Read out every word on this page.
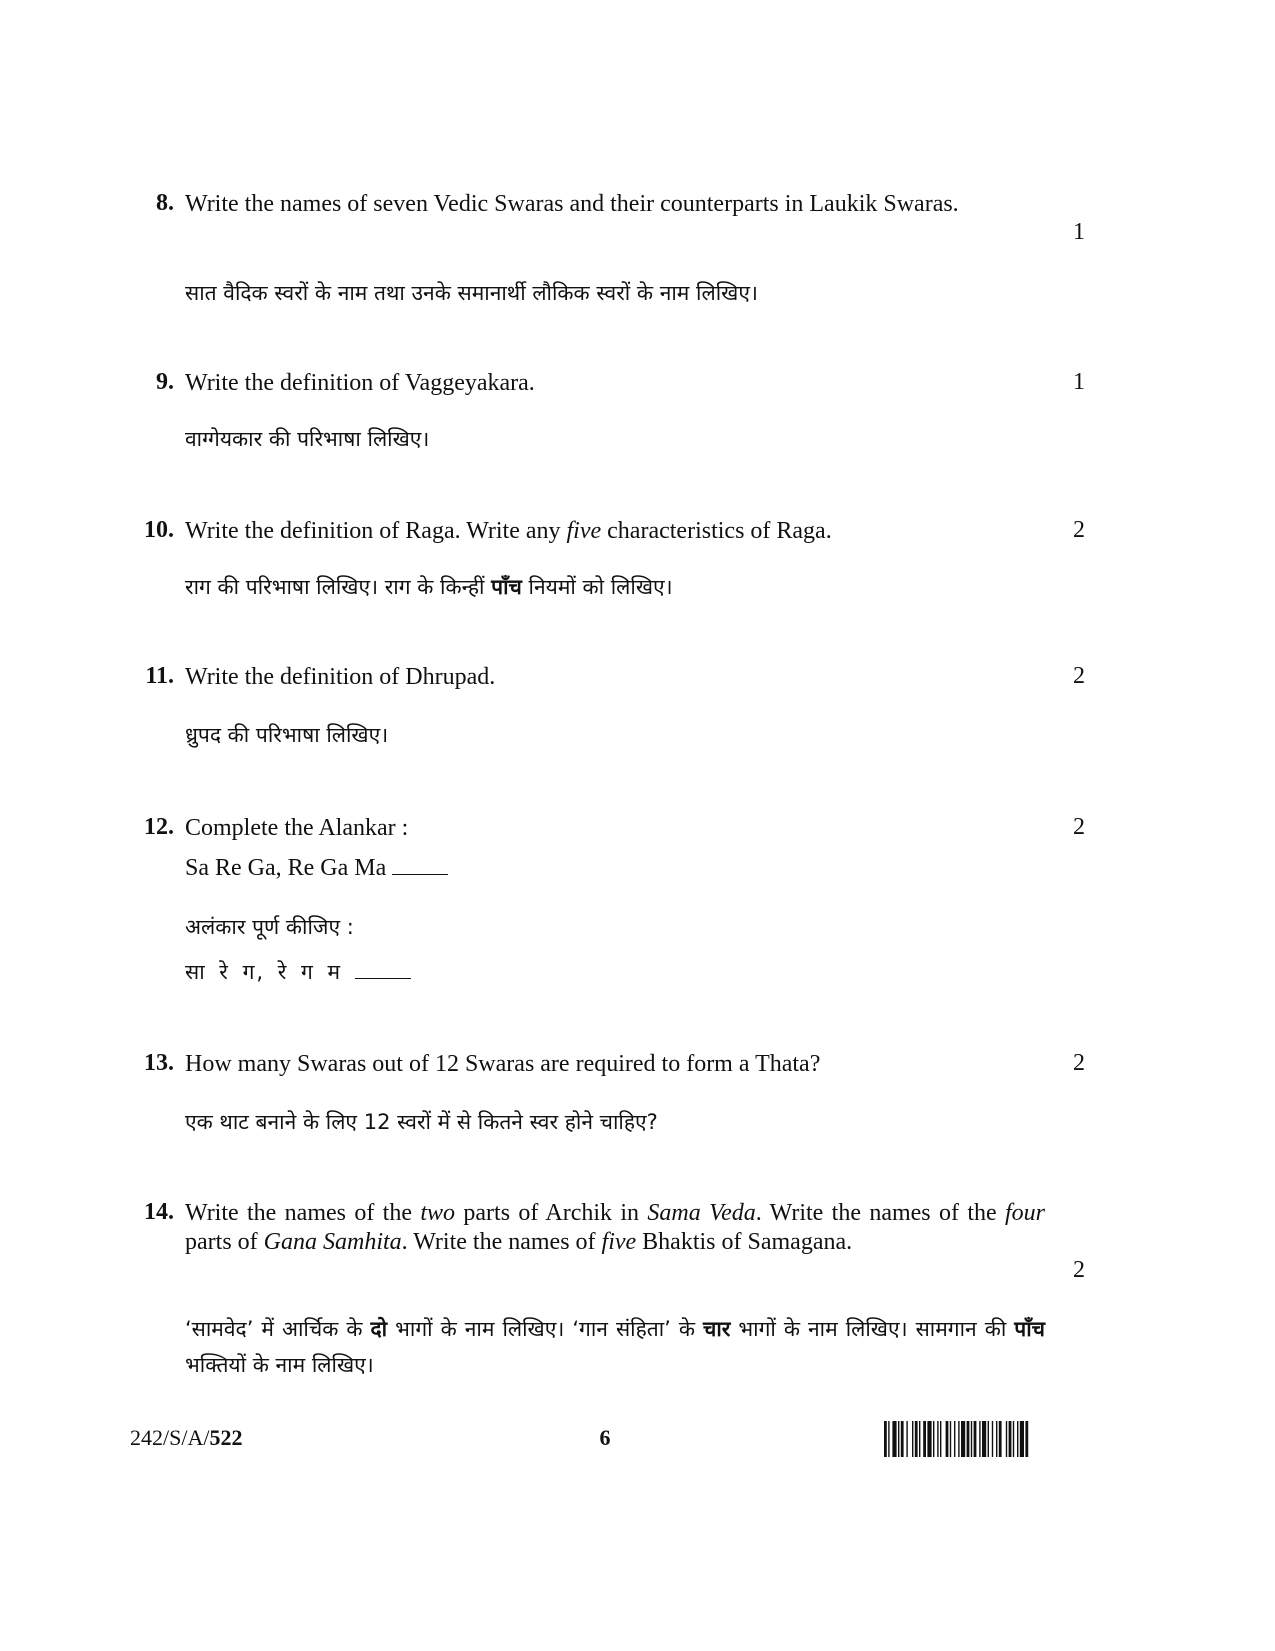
8. Write the names of seven Vedic Swaras and their counterparts in Laukik Swaras.
1
सात वैदिक स्वरों के नाम तथा उनके समानार्थी लौकिक स्वरों के नाम लिखिए।
9. Write the definition of Vaggeyakara.	1
वाग्गेयकार की परिभाषा लिखिए।
10. Write the definition of Raga. Write any five characteristics of Raga.	2
राग की परिभाषा लिखिए। राग के किन्हीं पाँच नियमों को लिखिए।
11. Write the definition of Dhrupad.	2
ध्रुपद की परिभाषा लिखिए।
12. Complete the Alankar :
Sa Re Ga, Re Ga Ma
2
अलंकार पूर्ण कीजिए :
सा रे ग, रे ग म
13. How many Swaras out of 12 Swaras are required to form a Thata?	2
एक थाट बनाने के लिए 12 स्वरों में से कितने स्वर होने चाहिए?
14. Write the names of the two parts of Archik in Sama Veda. Write the names of the four parts of Gana Samhita. Write the names of five Bhaktis of Samagana.
2
‘सामवेद’ में आर्चिक के दो भागों के नाम लिखिए। ‘गान संहिता’ के चार भागों के नाम लिखिए। सामगान की पाँच भक्तियों के नाम लिखिए।
242/S/A/522	6
